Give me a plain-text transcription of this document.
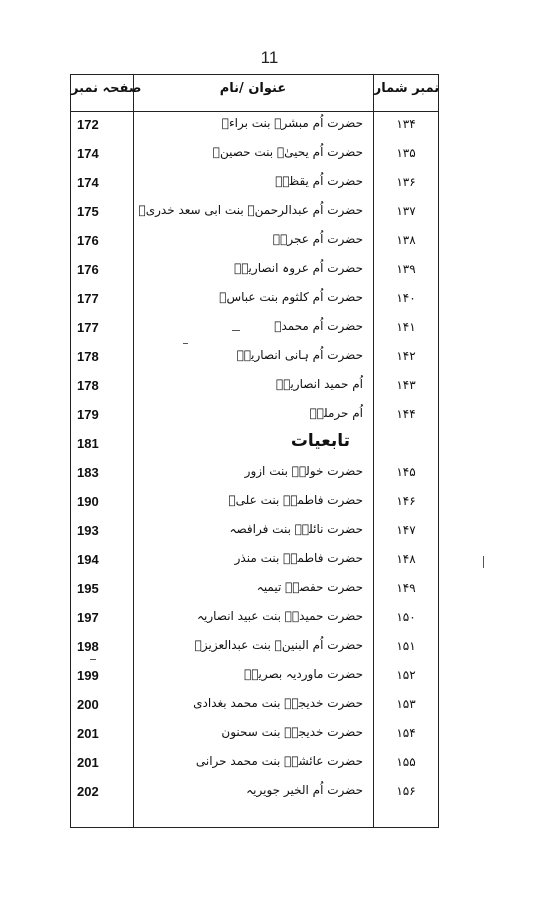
11
صفحہ نمبر	عنوان /نام	نمبر شمار
172	حضرت اُم مبشرؓ بنت براءؓ	۱۳۴
174	حضرت اُم یحییٰؓ بنت حصینؓ	۱۳۵
174	حضرت اُم یقظہؓ	۱۳۶
175	حضرت اُم عبدالرحمنؓ بنت ابی سعد خدریؓ	۱۳۷
176	حضرت اُم عجرہؓ	۱۳۸
176	حضرت اُم عروہ انصاریہؓ	۱۳۹
177	حضرت اُم کلثوم بنت عباسؓ	۱۴۰
177	حضرت اُم محمدؓ	۱۴۱
178	حضرت اُم ہانی انصاریہؓ	۱۴۲
178	اُم حمید انصاریہؓ	۱۴۳
179	اُم حرملہؓ	۱۴۴
181	تابعیات
183	حضرت خولہؒ بنت ازور	۱۴۵
190	حضرت فاطمہؒ بنت علیؓ	۱۴۶
193	حضرت نائلہؒ بنت فرافصہ	۱۴۷
194	حضرت فاطمہؒ بنت منذر	۱۴۸
195	حضرت حفصہؒ تیمیہ	۱۴۹
197	حضرت حمیدہؒ بنت عبید انصاریہ	۱۵۰
198	حضرت اُم البنینؒ بنت عبدالعزیزؒ	۱۵۱
199	حضرت ماوردیہ بصریہؒ	۱۵۲
200	حضرت خدیجہؒ بنت محمد بغدادی	۱۵۳
201	حضرت خدیجہؒ بنت سحنون	۱۵۴
201	حضرت عائشہؒ بنت محمد حرانی	۱۵۵
202	حضرت اُم الخیر جویریہ	۱۵۶
